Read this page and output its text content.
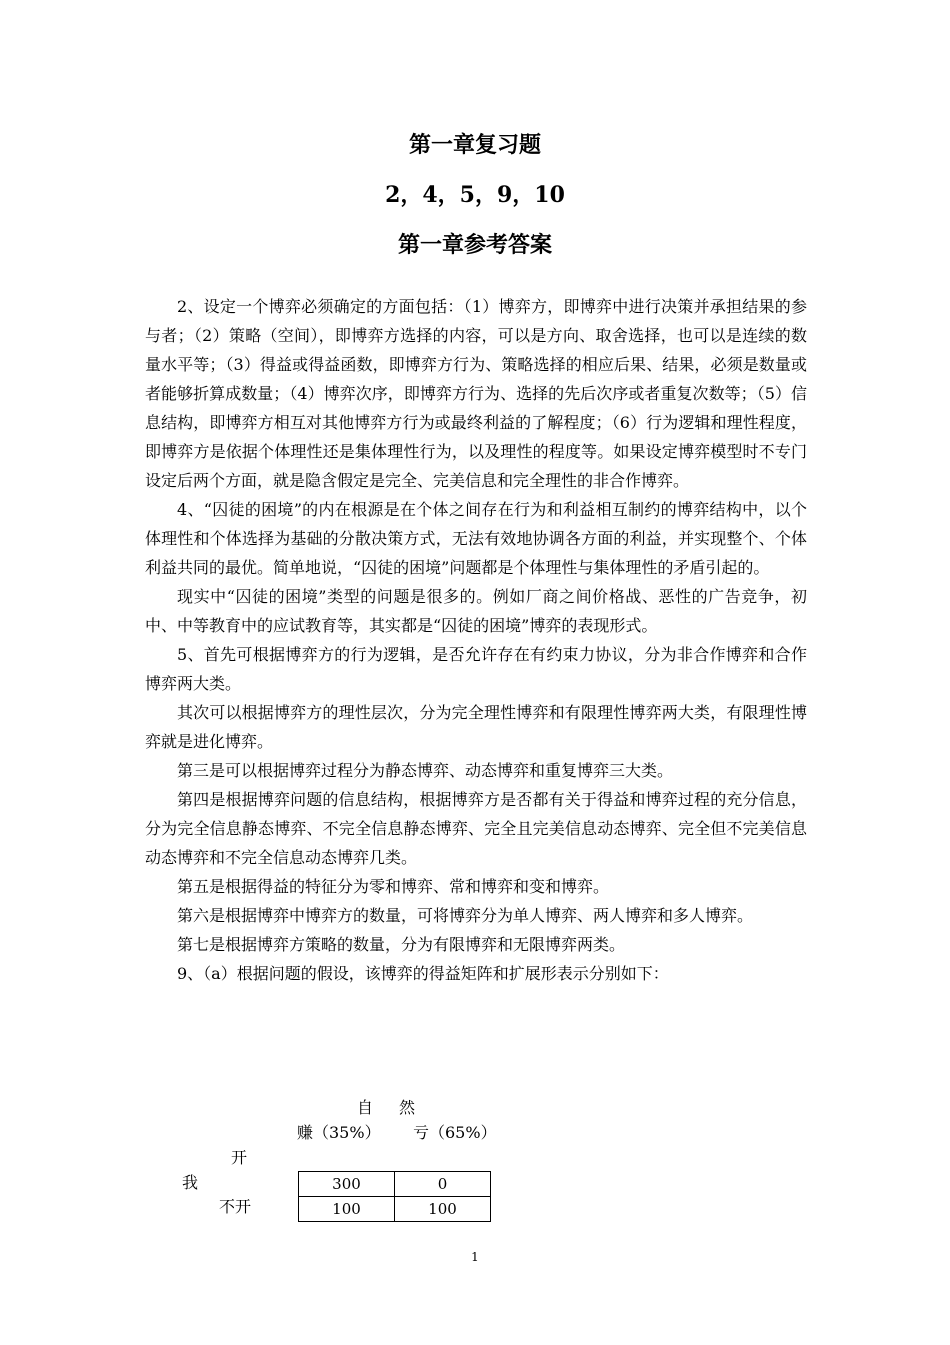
第一章复习题
2，4，5，9，10
第一章参考答案

2、设定一个博弈必须确定的方面包括：（1）博弈方，即博弈中进行决策并承担结果的参与者；（2）策略（空间），即博弈方选择的内容，可以是方向、取舍选择，也可以是连续的数量水平等；（3）得益或得益函数，即博弈方行为、策略选择的相应后果、结果，必须是数量或者能够折算成数量；（4）博弈次序，即博弈方行为、选择的先后次序或者重复次数等；（5）信息结构，即博弈方相互对其他博弈方行为或最终利益的了解程度；（6）行为逻辑和理性程度，即博弈方是依据个体理性还是集体理性行为，以及理性的程度等。如果设定博弈模型时不专门设定后两个方面，就是隐含假定是完全、完美信息和完全理性的非合作博弈。

4、“囚徒的困境”的内在根源是在个体之间存在行为和利益相互制约的博弈结构中，以个体理性和个体选择为基础的分散决策方式，无法有效地协调各方面的利益，并实现整个、个体利益共同的最优。简单地说，“囚徒的困境”问题都是个体理性与集体理性的矛盾引起的。

现实中“囚徒的困境”类型的问题是很多的。例如厂商之间价格战、恶性的广告竞争，初中、中等教育中的应试教育等，其实都是“囚徒的困境”博弈的表现形式。

5、首先可根据博弈方的行为逻辑，是否允许存在有约束力协议，分为非合作博弈和合作博弈两大类。

其次可以根据博弈方的理性层次，分为完全理性博弈和有限理性博弈两大类，有限理性博弈就是进化博弈。

第三是可以根据博弈过程分为静态博弈、动态博弈和重复博弈三大类。

第四是根据博弈问题的信息结构，根据博弈方是否都有关于得益和博弈过程的充分信息，分为完全信息静态博弈、不完全信息静态博弈、完全且完美信息动态博弈、完全但不完美信息动态博弈和不完全信息动态博弈几类。

第五是根据得益的特征分为零和博弈、常和博弈和变和博弈。

第六是根据博弈中博弈方的数量，可将博弈分为单人博弈、两人博弈和多人博弈。

第七是根据博弈方策略的数量，分为有限博弈和无限博弈两类。

9、（a）根据问题的假设，该博弈的得益矩阵和扩展形表示分别如下：

自然
赚（35%） 亏（65%）
开
我
不开
300	0
100	100
1
